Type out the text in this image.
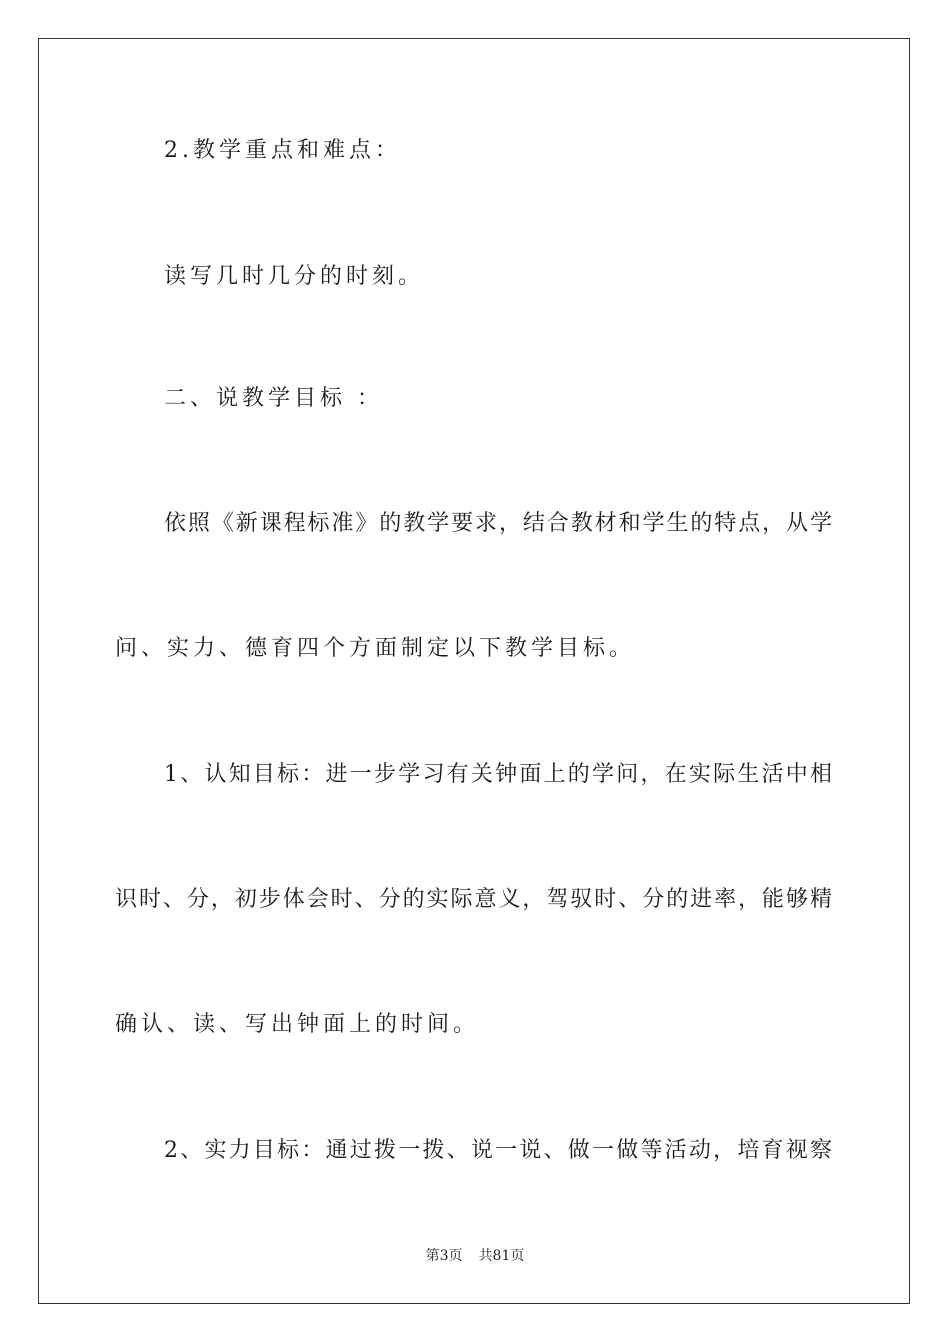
2.教学重点和难点：
读写几时几分的时刻。
二、说教学目标 ：
依照《新课程标准》的教学要求，结合教材和学生的特点，从学
问、实力、德育四个方面制定以下教学目标。
1、认知目标：进一步学习有关钟面上的学问，在实际生活中相
识时、分，初步体会时、分的实际意义，驾驭时、分的进率，能够精
确认、读、写出钟面上的时间。
2、实力目标：通过拨一拨、说一说、做一做等活动，培育视察
第3页 共81页
